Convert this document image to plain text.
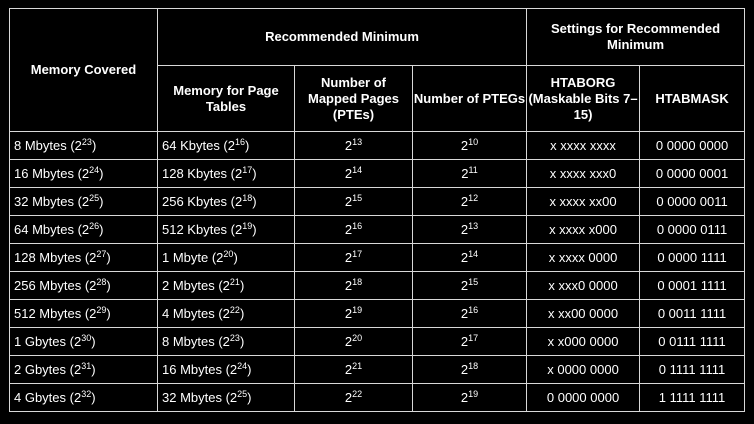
Memory Covered	Recommended Minimum			Settings for Recommended Minimum	
	Memory for Page Tables	Number of Mapped Pages (PTEs)	Number of PTEGs	HTABORG (Maskable Bits 7–15)	HTABMASK
8 Mbytes $(2^{23})$	64 Kbytes $(2^{16})$	$2^{13}$	$2^{10}$	x xxxx xxxx	0 0000 0000
16 Mbytes $(2^{24})$	128 Kbytes $(2^{17})$	$2^{14}$	$2^{11}$	x xxxx xxx0	0 0000 0001
32 Mbytes $(2^{25})$	256 Kbytes $(2^{18})$	$2^{15}$	$2^{12}$	x xxxx xx00	0 0000 0011
64 Mbytes $(2^{26})$	512 Kbytes $(2^{19})$	$2^{16}$	$2^{13}$	x xxxx x000	0 0000 0111
128 Mbytes $(2^{27})$	1 Mbyte $(2^{20})$	$2^{17}$	$2^{14}$	x xxxx 0000	0 0000 1111
256 Mbytes $(2^{28})$	2 Mbytes $(2^{21})$	$2^{18}$	$2^{15}$	x xxx0 0000	0 0001 1111
512 Mbytes $(2^{29})$	4 Mbytes $(2^{22})$	$2^{19}$	$2^{16}$	x xx00 0000	0 0011 1111
1 Gbytes $(2^{30})$	8 Mbytes $(2^{23})$	$2^{20}$	$2^{17}$	x x000 0000	0 0111 1111
2 Gbytes $(2^{31})$	16 Mbytes $(2^{24})$	$2^{21}$	$2^{18}$	x 0000 0000	0 1111 1111
4 Gbytes $(2^{32})$	32 Mbytes $(2^{25})$	$2^{22}$	$2^{19}$	0 0000 0000	1 1111 1111
